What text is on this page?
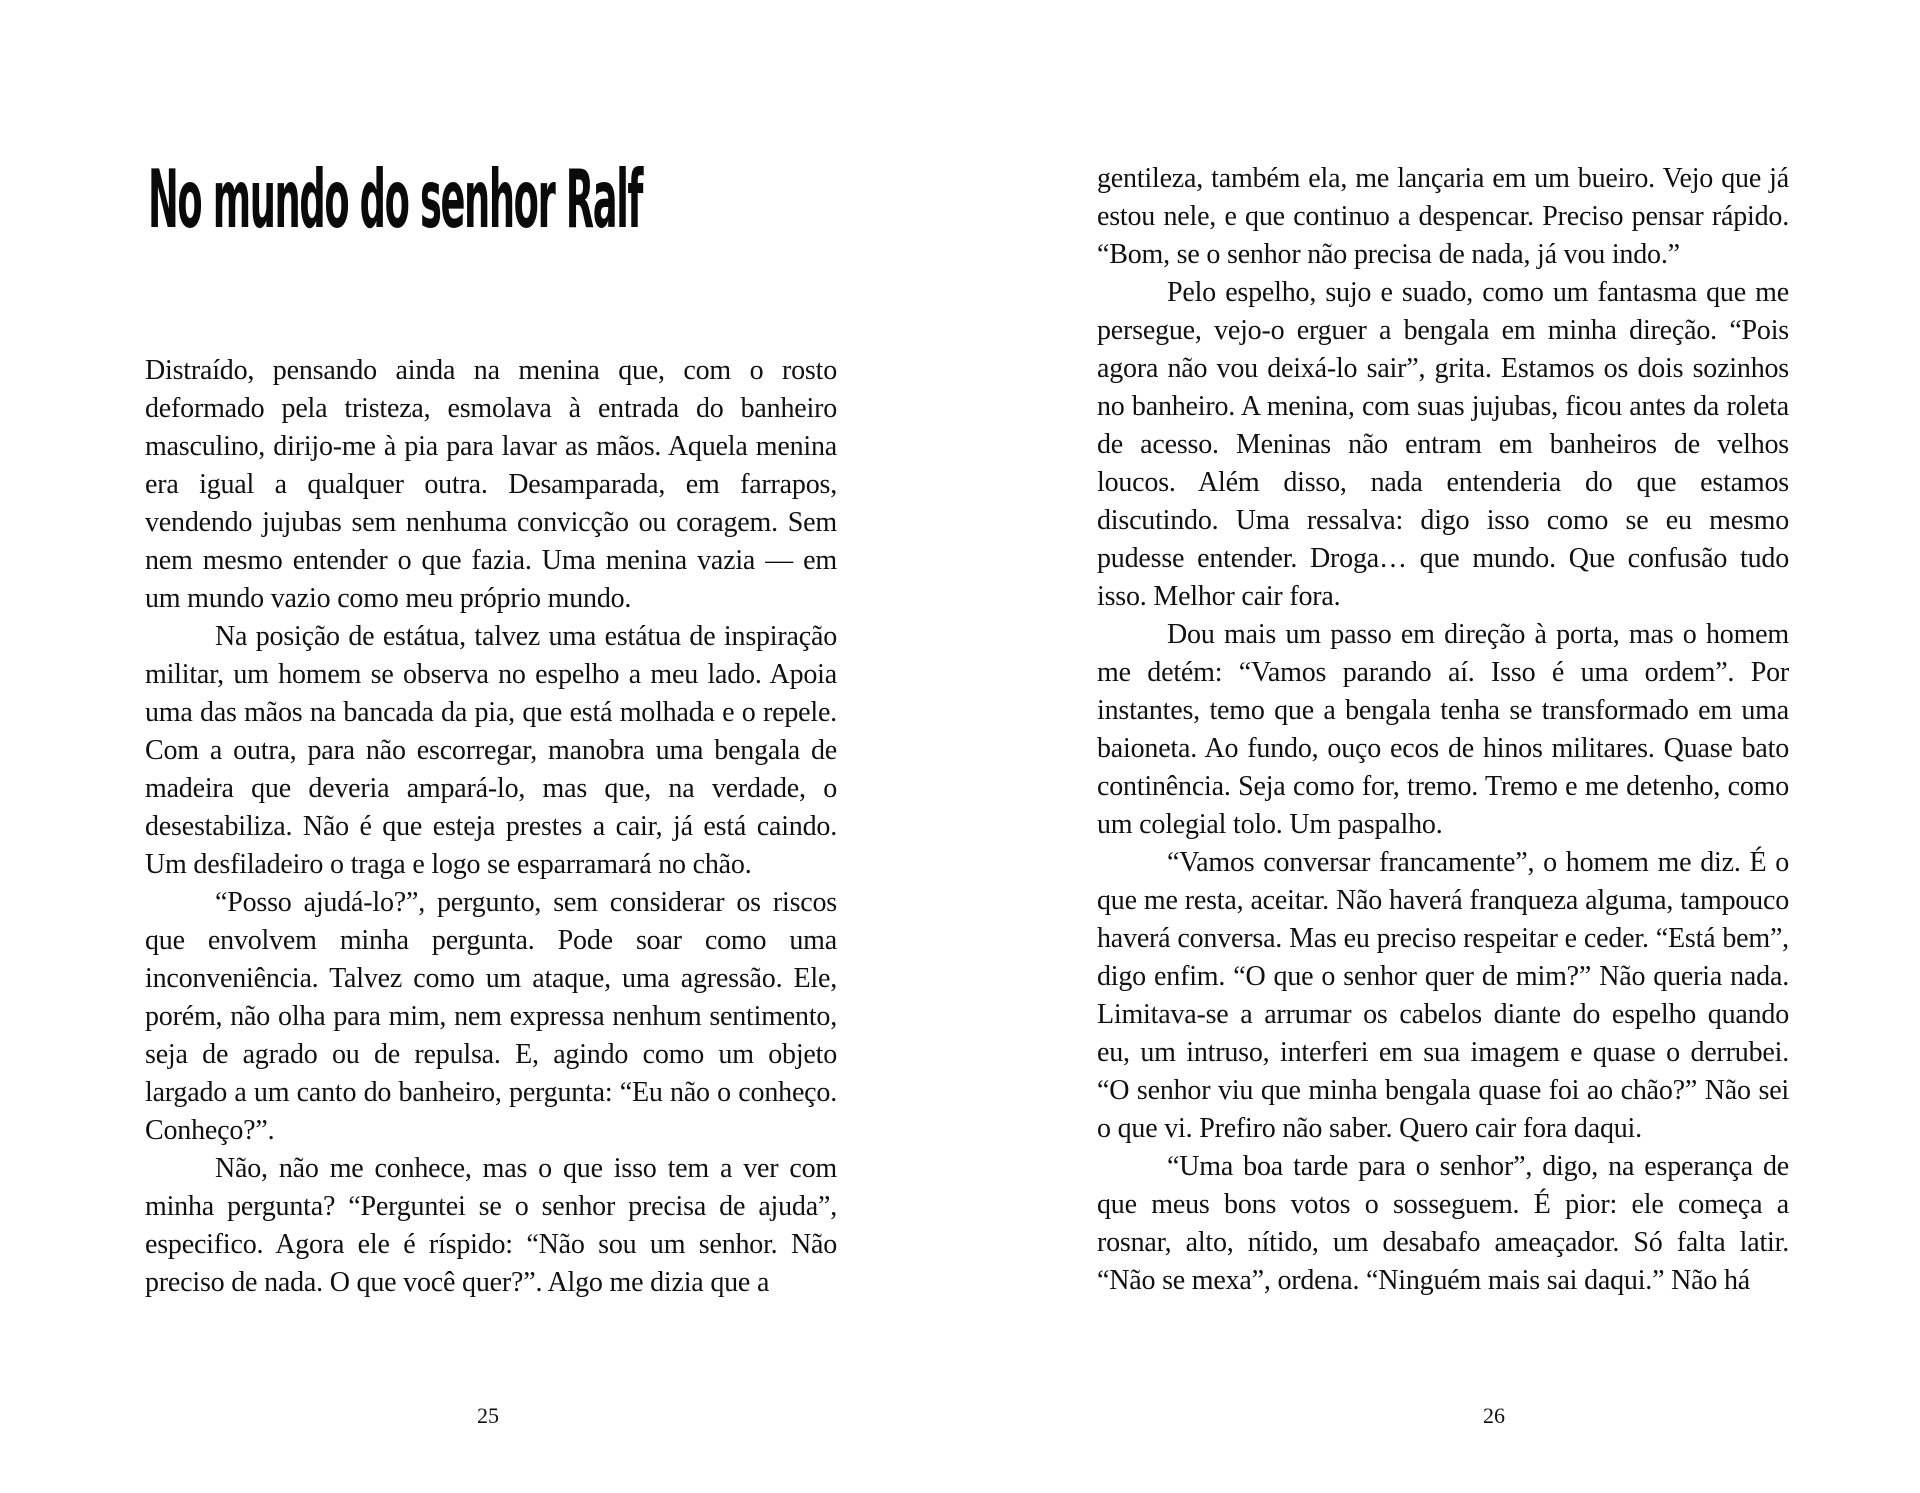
No mundo do senhor Ralf

Distraído, pensando ainda na menina que, com o rosto deformado pela tristeza, esmolava à entrada do banheiro masculino, dirijo-me à pia para lavar as mãos. Aquela menina era igual a qualquer outra. Desamparada, em farrapos, vendendo jujubas sem nenhuma convicção ou coragem. Sem nem mesmo entender o que fazia. Uma menina vazia — em um mundo vazio como meu próprio mundo.

Na posição de estátua, talvez uma estátua de inspiração militar, um homem se observa no espelho a meu lado. Apoia uma das mãos na bancada da pia, que está molhada e o repele. Com a outra, para não escorregar, manobra uma bengala de madeira que deveria ampará-lo, mas que, na verdade, o desestabiliza. Não é que esteja prestes a cair, já está caindo. Um desfiladeiro o traga e logo se esparramará no chão.

“Posso ajudá-lo?”, pergunto, sem considerar os riscos que envolvem minha pergunta. Pode soar como uma inconveniência. Talvez como um ataque, uma agressão. Ele, porém, não olha para mim, nem expressa nenhum sentimento, seja de agrado ou de repulsa. E, agindo como um objeto largado a um canto do banheiro, pergunta: “Eu não o conheço. Conheço?”.

Não, não me conhece, mas o que isso tem a ver com minha pergunta? “Perguntei se o senhor precisa de ajuda”, especifico. Agora ele é ríspido: “Não sou um senhor. Não preciso de nada. O que você quer?”. Algo me dizia que a

25

gentileza, também ela, me lançaria em um bueiro. Vejo que já estou nele, e que continuo a despencar. Preciso pensar rápido. “Bom, se o senhor não precisa de nada, já vou indo.”

Pelo espelho, sujo e suado, como um fantasma que me persegue, vejo-o erguer a bengala em minha direção. “Pois agora não vou deixá-lo sair”, grita. Estamos os dois sozinhos no banheiro. A menina, com suas jujubas, ficou antes da roleta de acesso. Meninas não entram em banheiros de velhos loucos. Além disso, nada entenderia do que estamos discutindo. Uma ressalva: digo isso como se eu mesmo pudesse entender. Droga… que mundo. Que confusão tudo isso. Melhor cair fora.

Dou mais um passo em direção à porta, mas o homem me detém: “Vamos parando aí. Isso é uma ordem”. Por instantes, temo que a bengala tenha se transformado em uma baioneta. Ao fundo, ouço ecos de hinos militares. Quase bato continência. Seja como for, tremo. Tremo e me detenho, como um colegial tolo. Um paspalho.

“Vamos conversar francamente”, o homem me diz. É o que me resta, aceitar. Não haverá franqueza alguma, tampouco haverá conversa. Mas eu preciso respeitar e ceder. “Está bem”, digo enfim. “O que o senhor quer de mim?” Não queria nada. Limitava-se a arrumar os cabelos diante do espelho quando eu, um intruso, interferi em sua imagem e quase o derrubei. “O senhor viu que minha bengala quase foi ao chão?” Não sei o que vi. Prefiro não saber. Quero cair fora daqui.

“Uma boa tarde para o senhor”, digo, na esperança de que meus bons votos o sosseguem. É pior: ele começa a rosnar, alto, nítido, um desabafo ameaçador. Só falta latir. “Não se mexa”, ordena. “Ninguém mais sai daqui.” Não há

26
